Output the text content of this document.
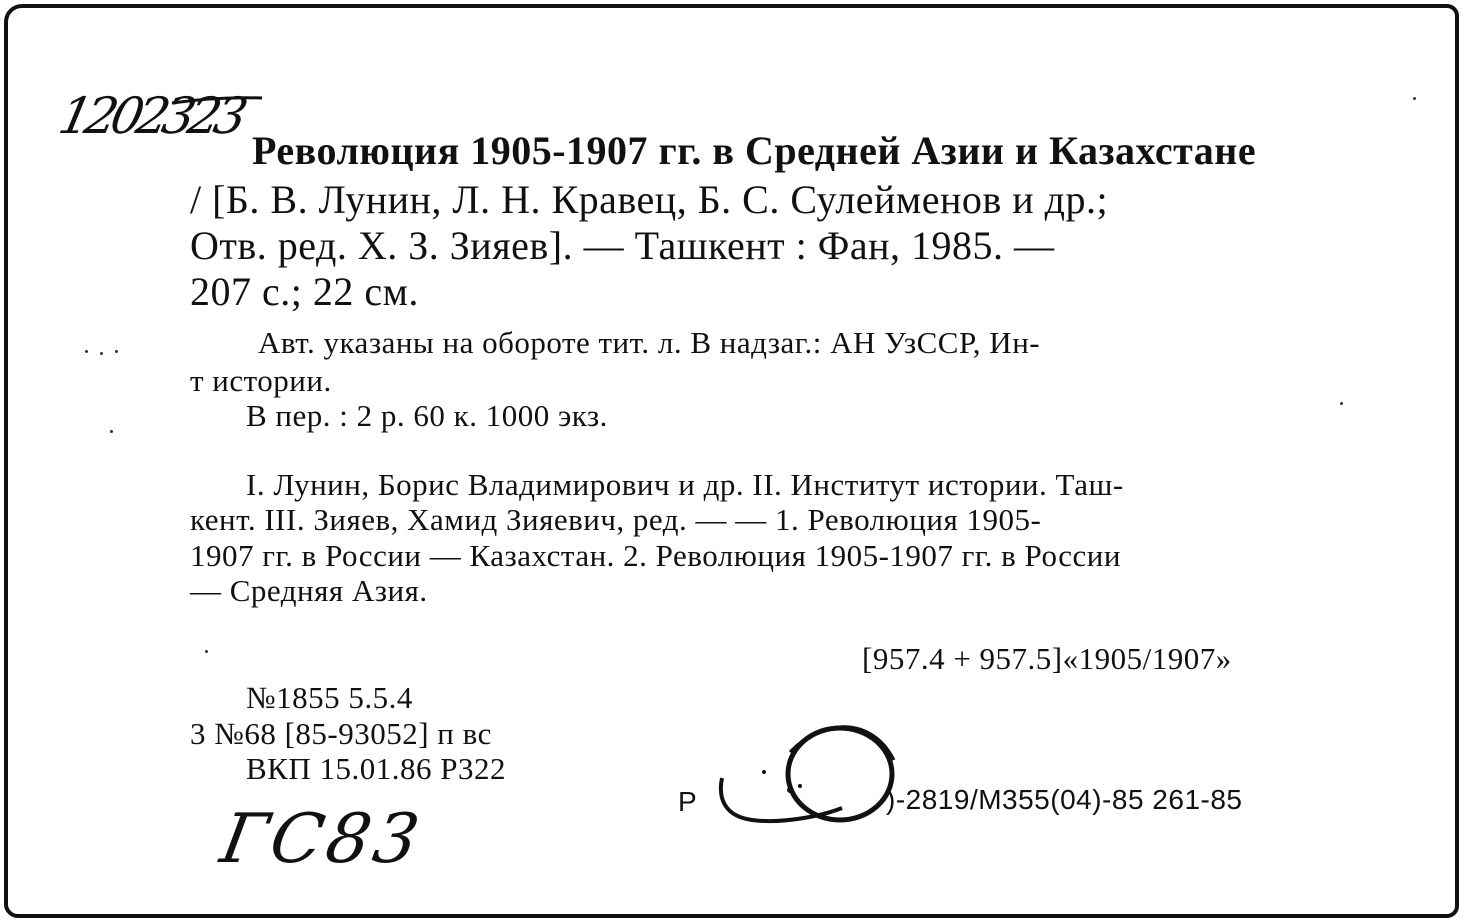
1202323
Революция 1905-1907 гг. в Средней Азии и Казахстане
/ [Б. В. Лунин, Л. Н. Кравец, Б. С. Сулейменов и др.;
Отв. ред. Х. З. Зияев]. — Ташкент : Фан, 1985. —
207 с.; 22 см.
Авт. указаны на обороте тит. л. В надзаг.: АН УзССР, Ин-
т истории.
В пер. : 2 р. 60 к. 1000 экз.
I. Лунин, Борис Владимирович и др. II. Институт истории. Таш-
кент. III. Зияев, Хамид Зияевич, ред. — — 1. Революция 1905-
1907 гг. в России — Казахстан. 2. Революция 1905-1907 гг. в России
— Средняя Азия.
[957.4 + 957.5]«1905/1907»
№1855 5.5.4
3 №68 [85-93052] п вс
ВКП 15.01.86 Р322
Р	)-2819/М355(04)-85 261-85
ГС83
